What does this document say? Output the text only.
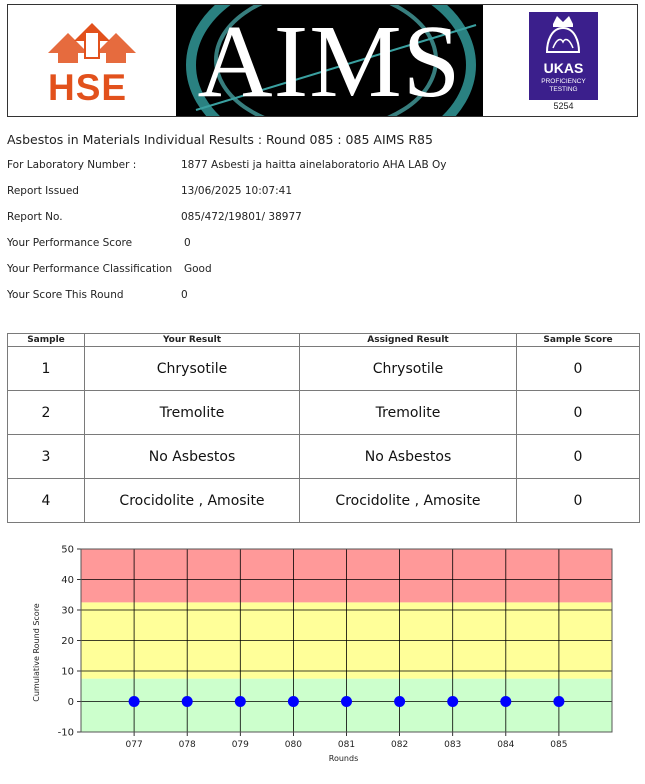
HSE AIMS	UKAS
PROFICIENCY
TESTING
5254
Asbestos in Materials Individual Results : Round 085 : 085 AIMS R85
For Laboratory Number :	1877 Asbesti ja haitta ainelaboratorio AHA LAB Oy
Report Issued	13/06/2025 10:07:41
Report No.	085/472/19801/ 38977
Your Performance Score	0
Your Performance Classification Good
Your Score This Round	0
Sample	Your Result	Assigned Result	Sample Score
1	Chrysotile	Chrysotile	0
2	Tremolite	Tremolite	0
3	No Asbestos	No Asbestos	0
4	Crocidolite , Amosite	Crocidolite , Amosite	0
-10
0
10
20
30
40
50
077	078	079	080	081	082	083	084	085
Rounds
Cumulative Round Score
